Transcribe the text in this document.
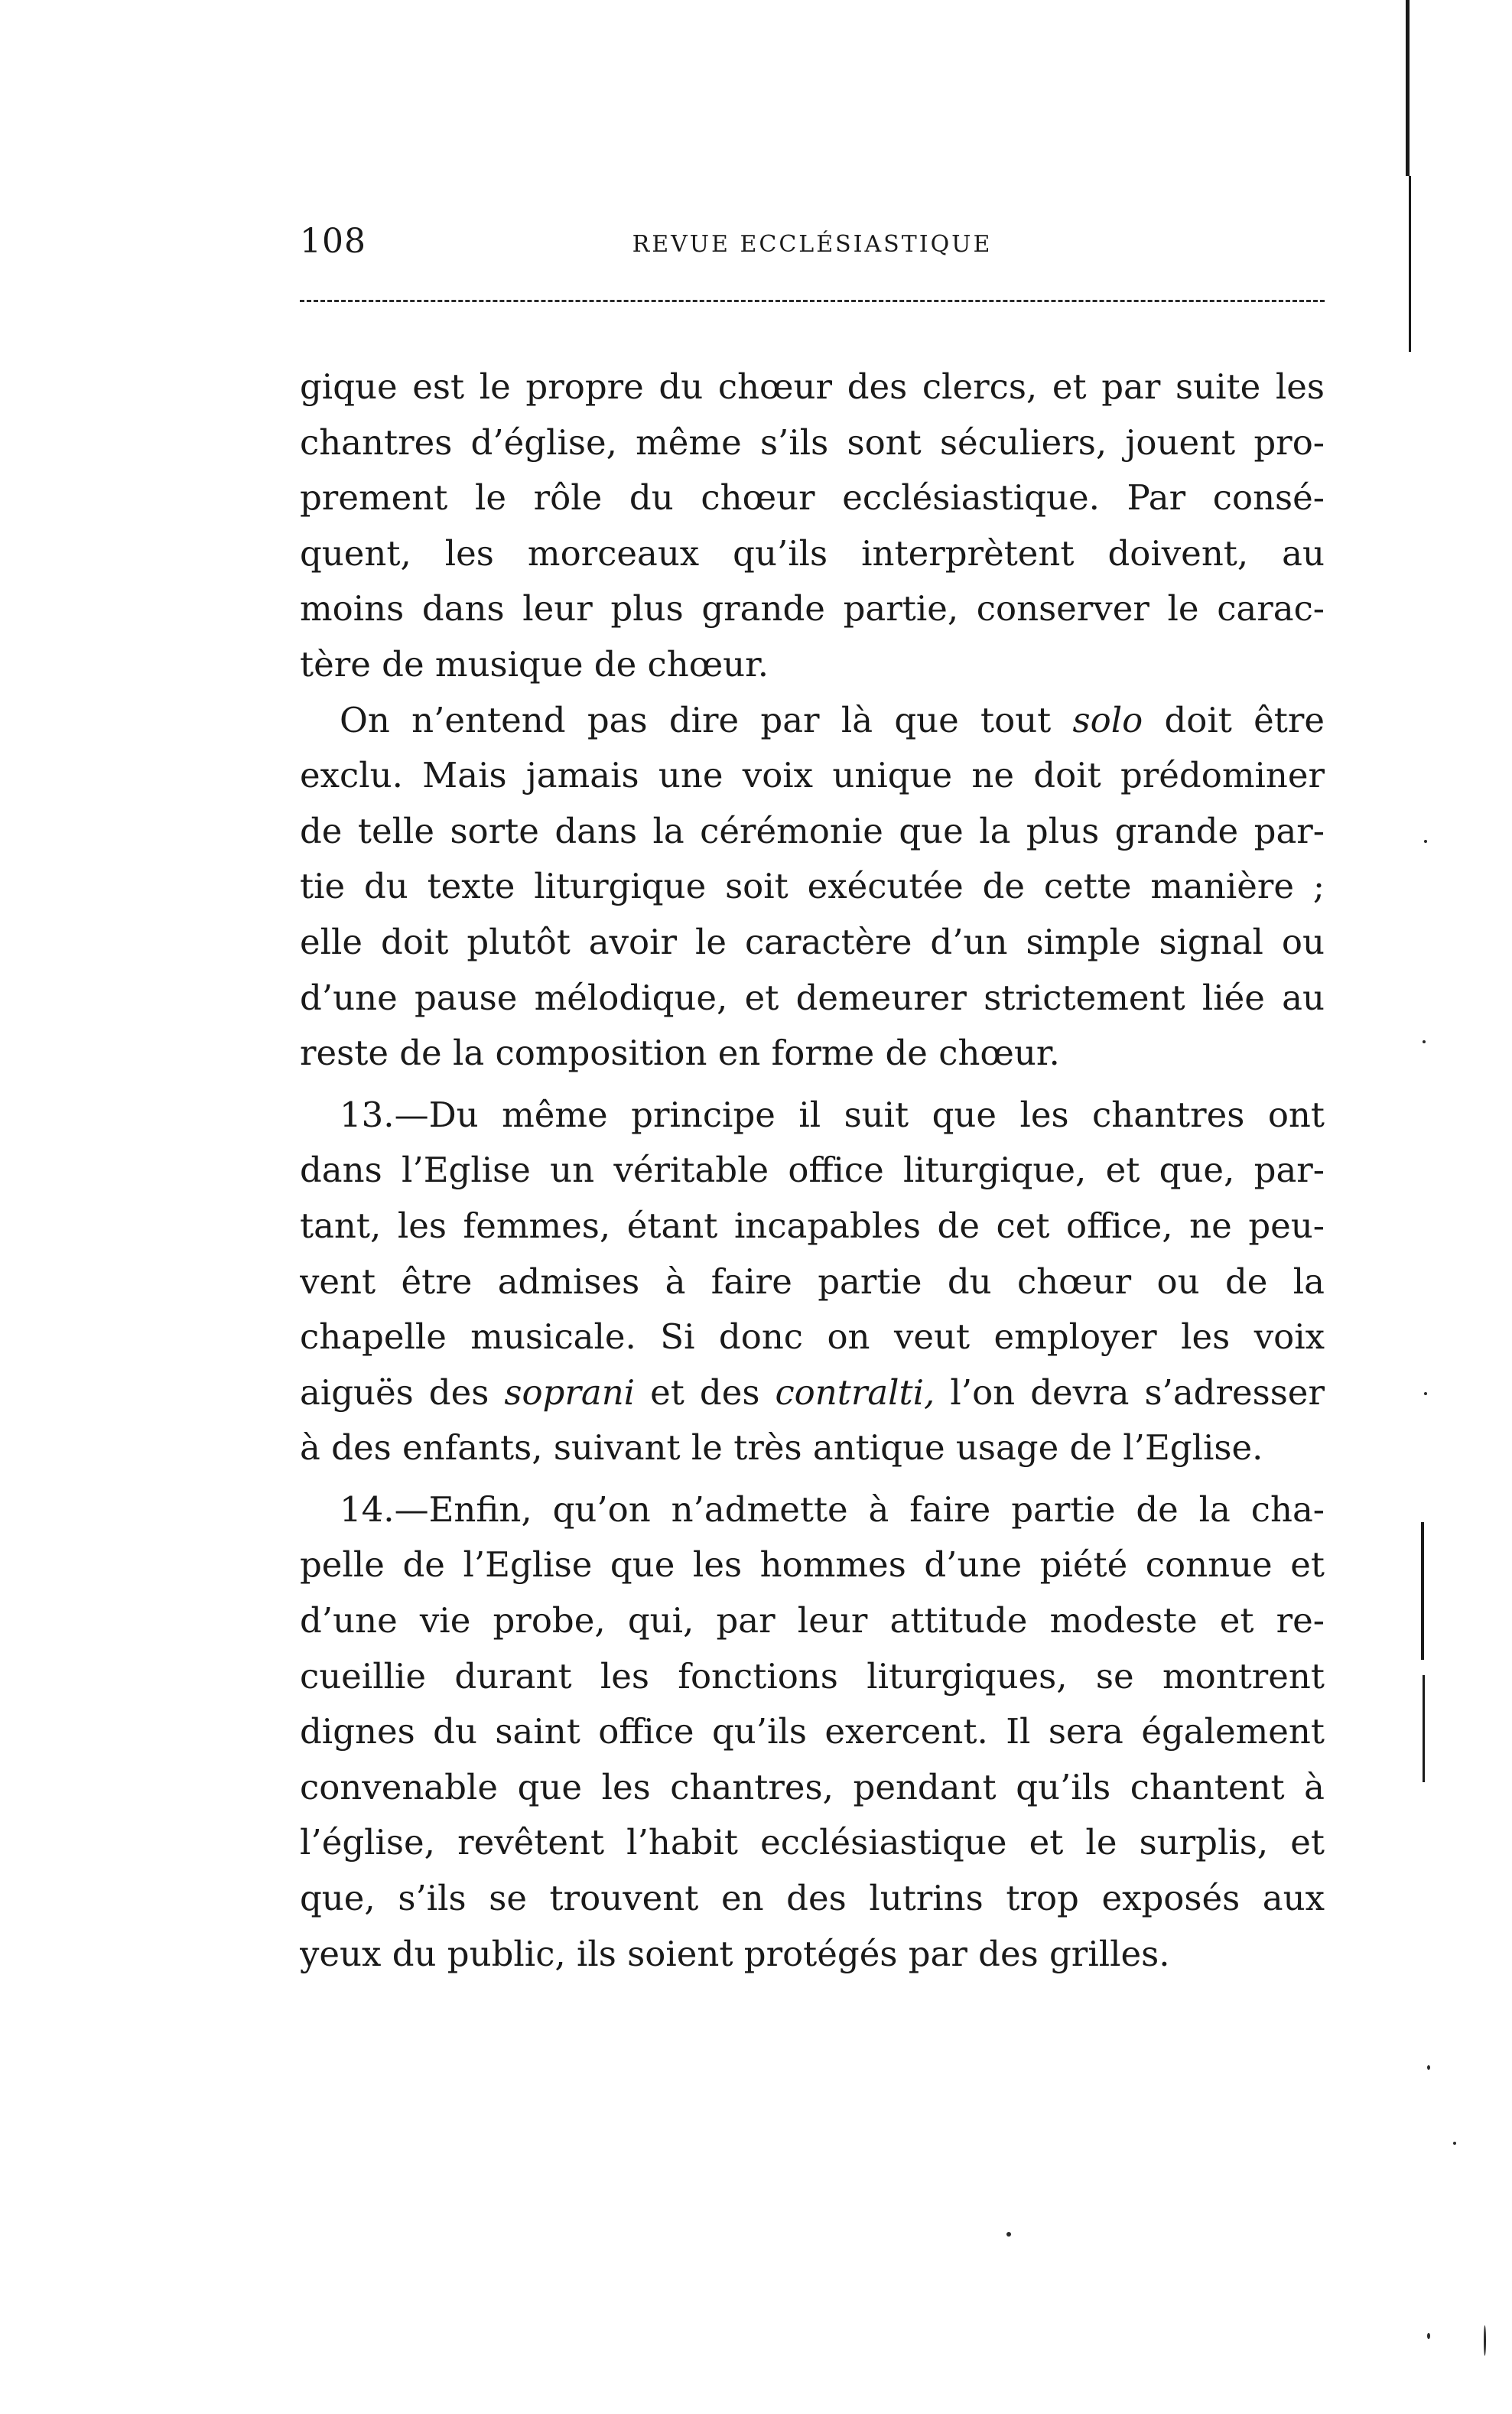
108	REVUE ECCLÉSIASTIQUE
gique est le propre du chœur des clercs, et par suite les
chantres d’église, même s’ils sont séculiers, jouent pro-
prement le rôle du chœur ecclésiastique. Par consé-
quent, les morceaux qu’ils interprètent doivent, au
moins dans leur plus grande partie, conserver le carac-
tère de musique de chœur.
On n’entend pas dire par là que tout solo doit être
exclu. Mais jamais une voix unique ne doit prédominer
de telle sorte dans la cérémonie que la plus grande par-
tie du texte liturgique soit exécutée de cette manière ;
elle doit plutôt avoir le caractère d’un simple signal ou
d’une pause mélodique, et demeurer strictement liée au
reste de la composition en forme de chœur.
13.—Du même principe il suit que les chantres ont
dans l’Eglise un véritable office liturgique, et que, par-
tant, les femmes, étant incapables de cet office, ne peu-
vent être admises à faire partie du chœur ou de la
chapelle musicale. Si donc on veut employer les voix
aiguës des soprani et des contralti, l’on devra s’adresser
à des enfants, suivant le très antique usage de l’Eglise.
14.—Enfin, qu’on n’admette à faire partie de la cha-
pelle de l’Eglise que les hommes d’une piété connue et
d’une vie probe, qui, par leur attitude modeste et re-
cueillie durant les fonctions liturgiques, se montrent
dignes du saint office qu’ils exercent. Il sera également
convenable que les chantres, pendant qu’ils chantent à
l’église, revêtent l’habit ecclésiastique et le surplis, et
que, s’ils se trouvent en des lutrins trop exposés aux
yeux du public, ils soient protégés par des grilles.
